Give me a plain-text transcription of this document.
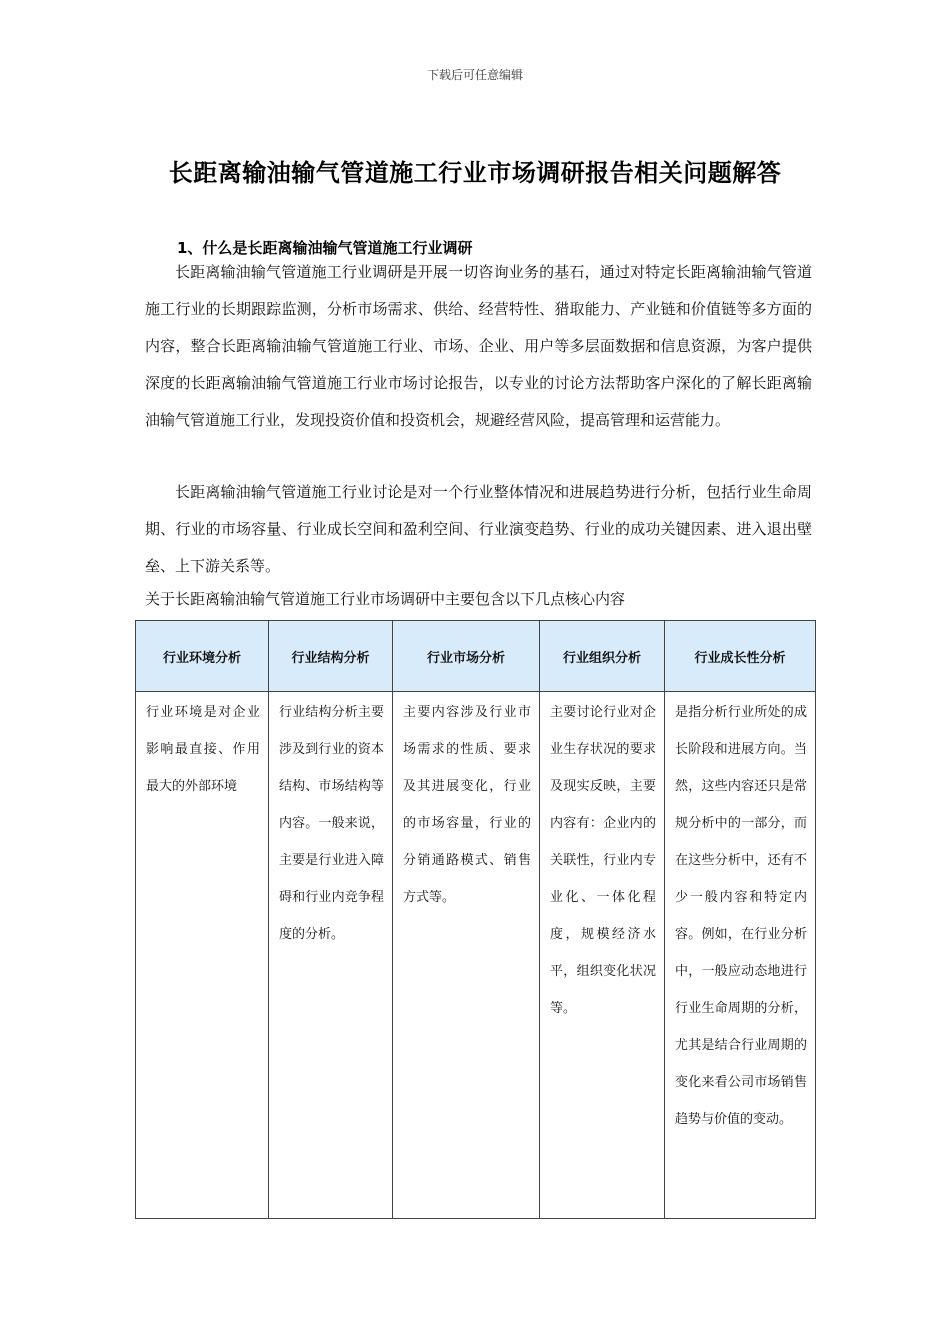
下载后可任意编辑
长距离输油输气管道施工行业市场调研报告相关问题解答
1、什么是长距离输油输气管道施工行业调研
长距离输油输气管道施工行业调研是开展一切咨询业务的基石，通过对特定长距离输油输气管道施工行业的长期跟踪监测，分析市场需求、供给、经营特性、猎取能力、产业链和价值链等多方面的内容，整合长距离输油输气管道施工行业、市场、企业、用户等多层面数据和信息资源，为客户提供深度的长距离输油输气管道施工行业市场讨论报告，以专业的讨论方法帮助客户深化的了解长距离输油输气管道施工行业，发现投资价值和投资机会，规避经营风险，提高管理和运营能力。
长距离输油输气管道施工行业讨论是对一个行业整体情况和进展趋势进行分析，包括行业生命周期、行业的市场容量、行业成长空间和盈利空间、行业演变趋势、行业的成功关键因素、进入退出壁垒、上下游关系等。
关于长距离输油输气管道施工行业市场调研中主要包含以下几点核心内容
行业环境分析	行业结构分析	行业市场分析	行业组织分析	行业成长性分析
行业环境是对企业影响最直接、作用最大的外部环境	行业结构分析主要涉及到行业的资本结构、市场结构等内容。一般来说，主要是行业进入障碍和行业内竞争程度的分析。	主要内容涉及行业市场需求的性质、要求及其进展变化，行业的市场容量，行业的分销通路模式、销售方式等。	主要讨论行业对企业生存状况的要求及现实反映，主要内容有：企业内的关联性，行业内专业化、一体化程度，规模经济水平，组织变化状况等。	是指分析行业所处的成长阶段和进展方向。当然，这些内容还只是常规分析中的一部分，而在这些分析中，还有不少一般内容和特定内容。例如，在行业分析中，一般应动态地进行行业生命周期的分析，尤其是结合行业周期的变化来看公司市场销售趋势与价值的变动。
